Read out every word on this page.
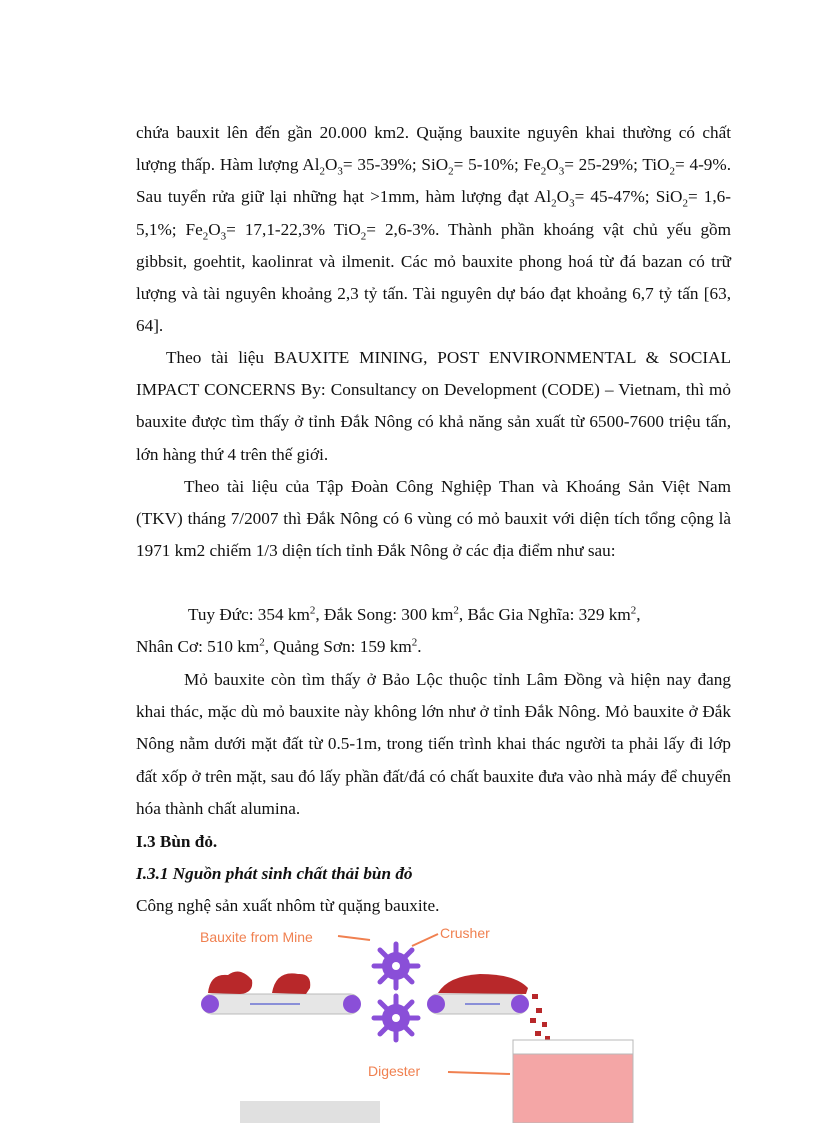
chứa bauxit lên đến gần 20.000 km2. Quặng bauxite nguyên khai thường có chất lượng thấp. Hàm lượng $Al_2O_3= 35-39\%$; SiO$_2$= 5-10%; $Fe_2O_3= 25-29\%$; TiO$_2$= 4-9%. Sau tuyển rửa giữ lại những hạt >1mm, hàm lượng đạt $Al_2O_3= 45-47\%$; SiO$_2$= 1,6-5,1%; $Fe_2O_3= 17,1-22,3\%$ TiO$_2$= 2,6-3%. Thành phần khoáng vật chủ yếu gồm gibbsit, goehtit, kaolinrat và ilmenit. Các mỏ bauxite phong hoá từ đá bazan có trữ lượng và tài nguyên khoảng 2,3 tỷ tấn. Tài nguyên dự báo đạt khoảng 6,7 tỷ tấn [63, 64].

Theo tài liệu BAUXITE MINING, POST ENVIRONMENTAL & SOCIAL IMPACT CONCERNS By: Consultancy on Development (CODE) – Vietnam, thì mỏ bauxite được tìm thấy ở tỉnh Đắk Nông có khả năng sản xuất từ 6500-7600 triệu tấn, lớn hàng thứ 4 trên thế giới.

Theo tài liệu của Tập Đoàn Công Nghiệp Than và Khoáng Sản Việt Nam (TKV) tháng 7/2007 thì Đắk Nông có 6 vùng có mỏ bauxit với diện tích tổng cộng là 1971 km2 chiếm 1/3 diện tích tỉnh Đắk Nông ở các địa điểm như sau:

Tuy Đức: 354 $km^2$, Đắk Song: 300 $km^2$, Bắc Gia Nghĩa: 329 $km^2$,
Nhân Cơ: 510 $km^2$, Quảng Sơn: 159 $km^2$.

Mỏ bauxite còn tìm thấy ở Bảo Lộc thuộc tỉnh Lâm Đồng và hiện nay đang khai thác, mặc dù mỏ bauxite này không lớn như ở tỉnh Đắk Nông. Mỏ bauxite ở Đắk Nông nằm dưới mặt đất từ 0.5-1m, trong tiến trình khai thác người ta phải lấy đi lớp đất xốp ở trên mặt, sau đó lấy phần đất/đá có chất bauxite đưa vào nhà máy để chuyển hóa thành chất alumina.

I.3 Bùn đỏ.

I.3.1 Nguồn phát sinh chất thải bùn đỏ

Công nghệ sản xuất nhôm từ quặng bauxite.

Bauxite from Mine	Crusher
Digester
